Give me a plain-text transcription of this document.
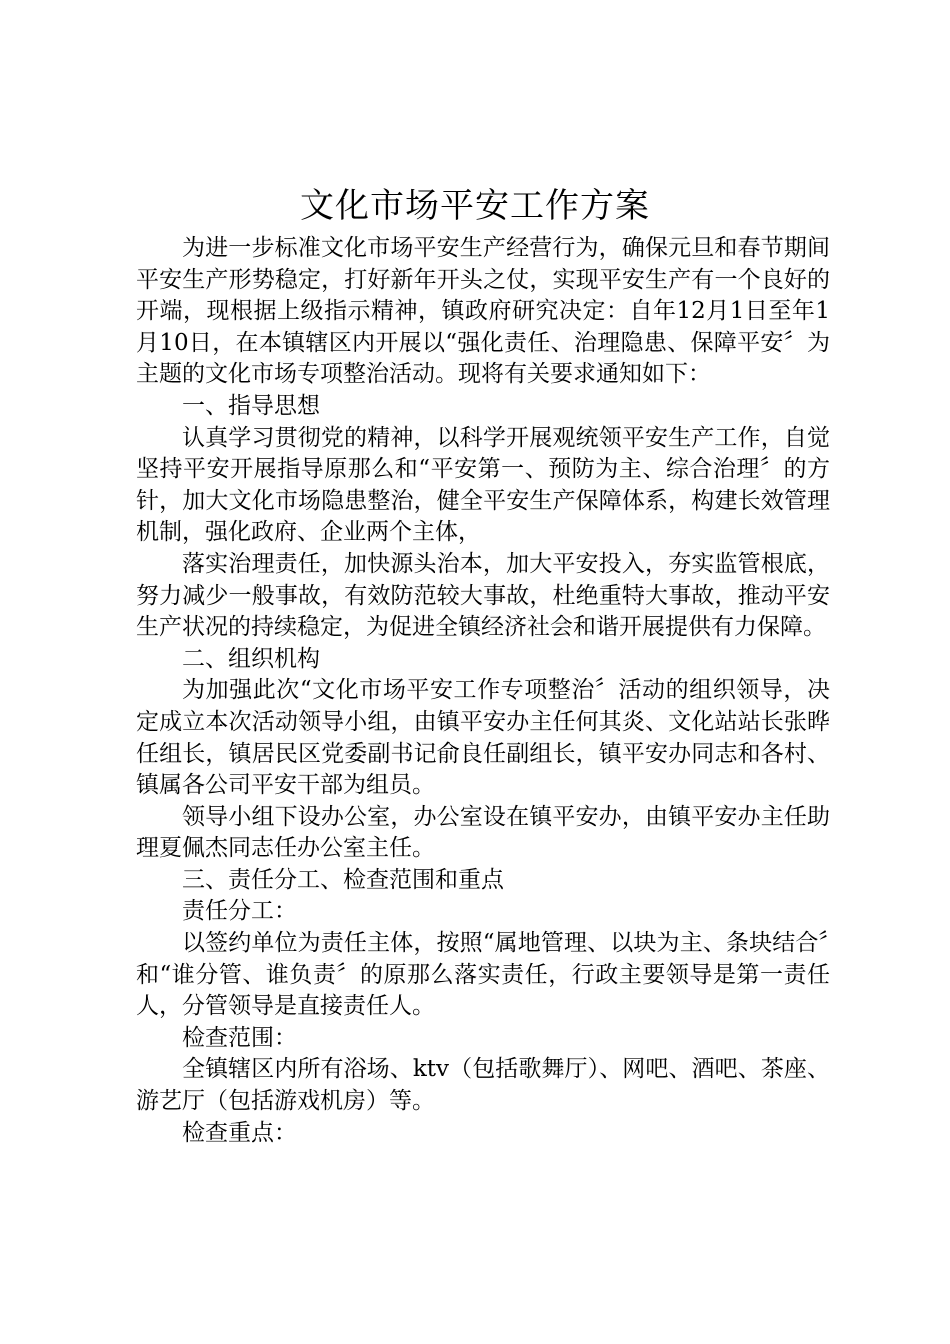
文化市场平安工作方案

为进一步标准文化市场平安生产经营行为，确保元旦和春节期间平安生产形势稳定，打好新年开头之仗，实现平安生产有一个良好的开端，现根据上级指示精神，镇政府研究决定：自年12月1日至年1月10日，在本镇辖区内开展以“强化责任、治理隐患、保障平安〞为主题的文化市场专项整治活动。现将有关要求通知如下：

一、指导思想

认真学习贯彻党的精神，以科学开展观统领平安生产工作，自觉坚持平安开展指导原那么和“平安第一、预防为主、综合治理〞的方针，加大文化市场隐患整治，健全平安生产保障体系，构建长效管理机制，强化政府、企业两个主体，

落实治理责任，加快源头治本，加大平安投入，夯实监管根底，努力减少一般事故，有效防范较大事故，杜绝重特大事故，推动平安生产状况的持续稳定，为促进全镇经济社会和谐开展提供有力保障。

二、组织机构

为加强此次“文化市场平安工作专项整治〞活动的组织领导，决定成立本次活动领导小组，由镇平安办主任何其炎、文化站站长张晔任组长，镇居民区党委副书记俞良任副组长，镇平安办同志和各村、镇属各公司平安干部为组员。

领导小组下设办公室，办公室设在镇平安办，由镇平安办主任助理夏佩杰同志任办公室主任。

三、责任分工、检查范围和重点

责任分工：

以签约单位为责任主体，按照“属地管理、以块为主、条块结合〞和“谁分管、谁负责〞的原那么落实责任，行政主要领导是第一责任人，分管领导是直接责任人。

检查范围：

全镇辖区内所有浴场、ktv（包括歌舞厅）、网吧、酒吧、茶座、游艺厅（包括游戏机房）等。

检查重点：
